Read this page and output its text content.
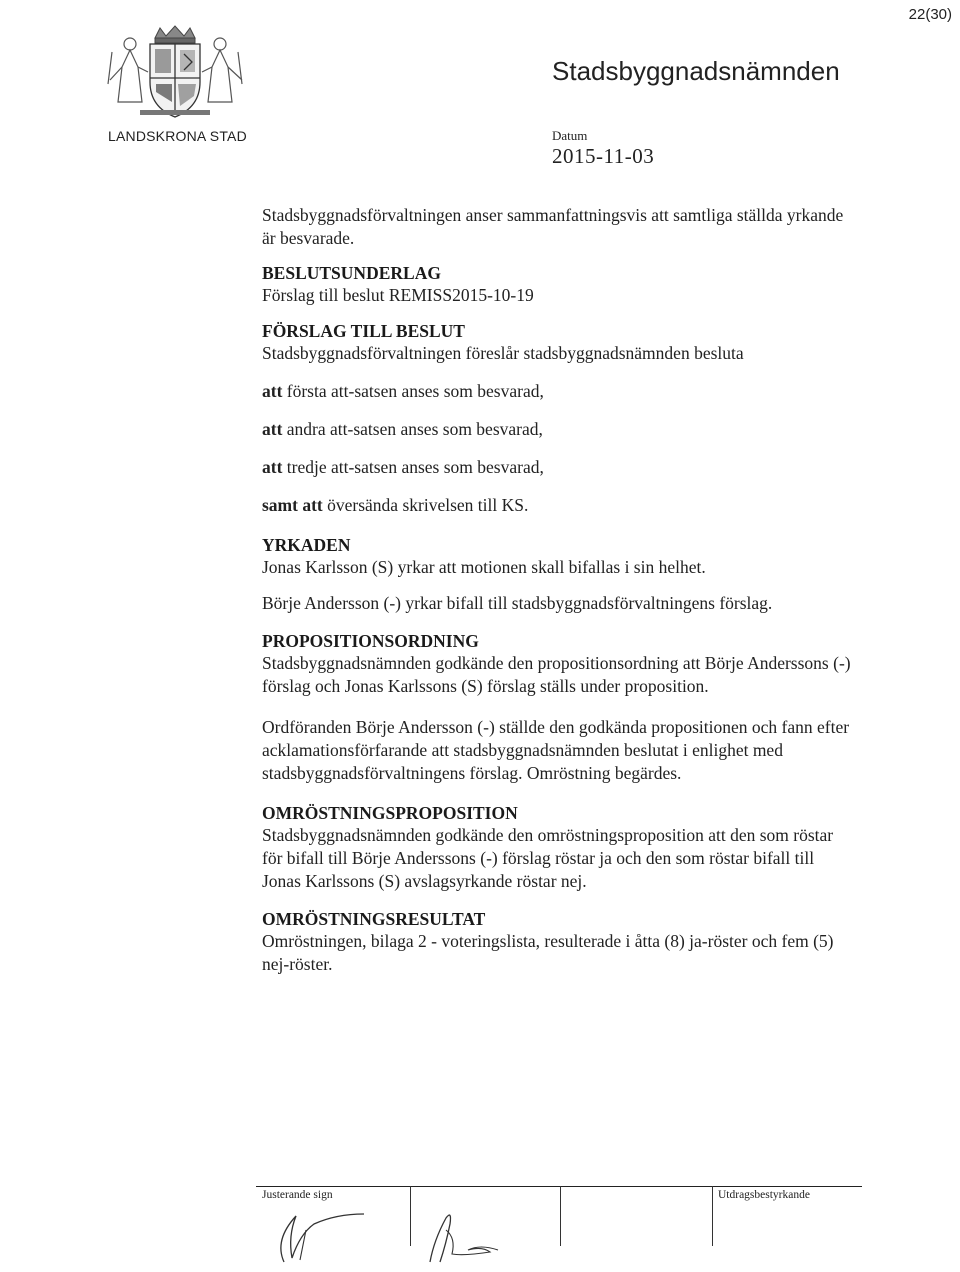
22(30)
LANDSKRONA STAD
Stadsbyggnadsnämnden
Datum
2015-11-03
Stadsbyggnadsförvaltningen anser sammanfattningsvis att samtliga ställda yrkande är besvarade.
BESLUTSUNDERLAG
Förslag till beslut REMISS2015-10-19
FÖRSLAG TILL BESLUT
Stadsbyggnadsförvaltningen föreslår stadsbyggnadsnämnden besluta
att första att-satsen anses som besvarad,
att andra att-satsen anses som besvarad,
att tredje att-satsen anses som besvarad,
samt att översända skrivelsen till KS.
YRKADEN
Jonas Karlsson (S) yrkar att motionen skall bifallas i sin helhet.
Börje Andersson (-) yrkar bifall till stadsbyggnadsförvaltningens förslag.
PROPOSITIONSORDNING
Stadsbyggnadsnämnden godkände den propositionsordning att Börje Anderssons (-) förslag och Jonas Karlssons (S) förslag ställs under proposition.
Ordföranden Börje Andersson (-) ställde den godkända propositionen och fann efter acklamationsförfarande att stadsbyggnadsnämnden beslutat i enlighet med stadsbyggnadsförvaltningens förslag. Omröstning begärdes.
OMRÖSTNINGSPROPOSITION
Stadsbyggnadsnämnden godkände den omröstningsproposition att den som röstar för bifall till Börje Anderssons (-) förslag röstar ja och den som röstar bifall till Jonas Karlssons (S) avslagsyrkande röstar nej.
OMRÖSTNINGSRESULTAT
Omröstningen, bilaga 2 - voteringslista, resulterade i åtta (8) ja-röster och fem (5) nej-röster.
Justerande sign	Utdragsbestyrkande
